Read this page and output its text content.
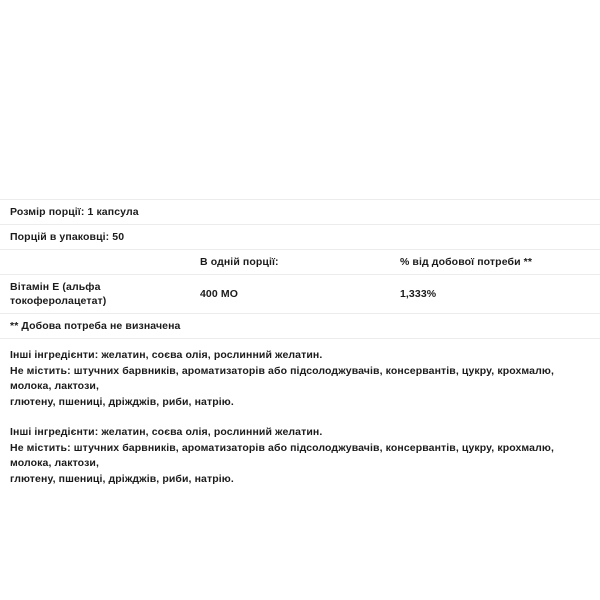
Розмір порції: 1 капсула		
Порцій в упаковці: 50		
	В одній порції:	% від добової потреби **
Вітамін Е (альфа токоферолацетат)	400 МО	1,333%
** Добова потреба не визначена		

Інші інгредієнти: желатин, соєва олія, рослинний желатин.
Не містить: штучних барвників, ароматизаторів або підсолоджувачів, консервантів, цукру, крохмалю, молока, лактози,
глютену, пшениці, дріжджів, риби, натрію.

Інші інгредієнти: желатин, соєва олія, рослинний желатин.
Не містить: штучних барвників, ароматизаторів або підсолоджувачів, консервантів, цукру, крохмалю, молока, лактози,
глютену, пшениці, дріжджів, риби, натрію.
